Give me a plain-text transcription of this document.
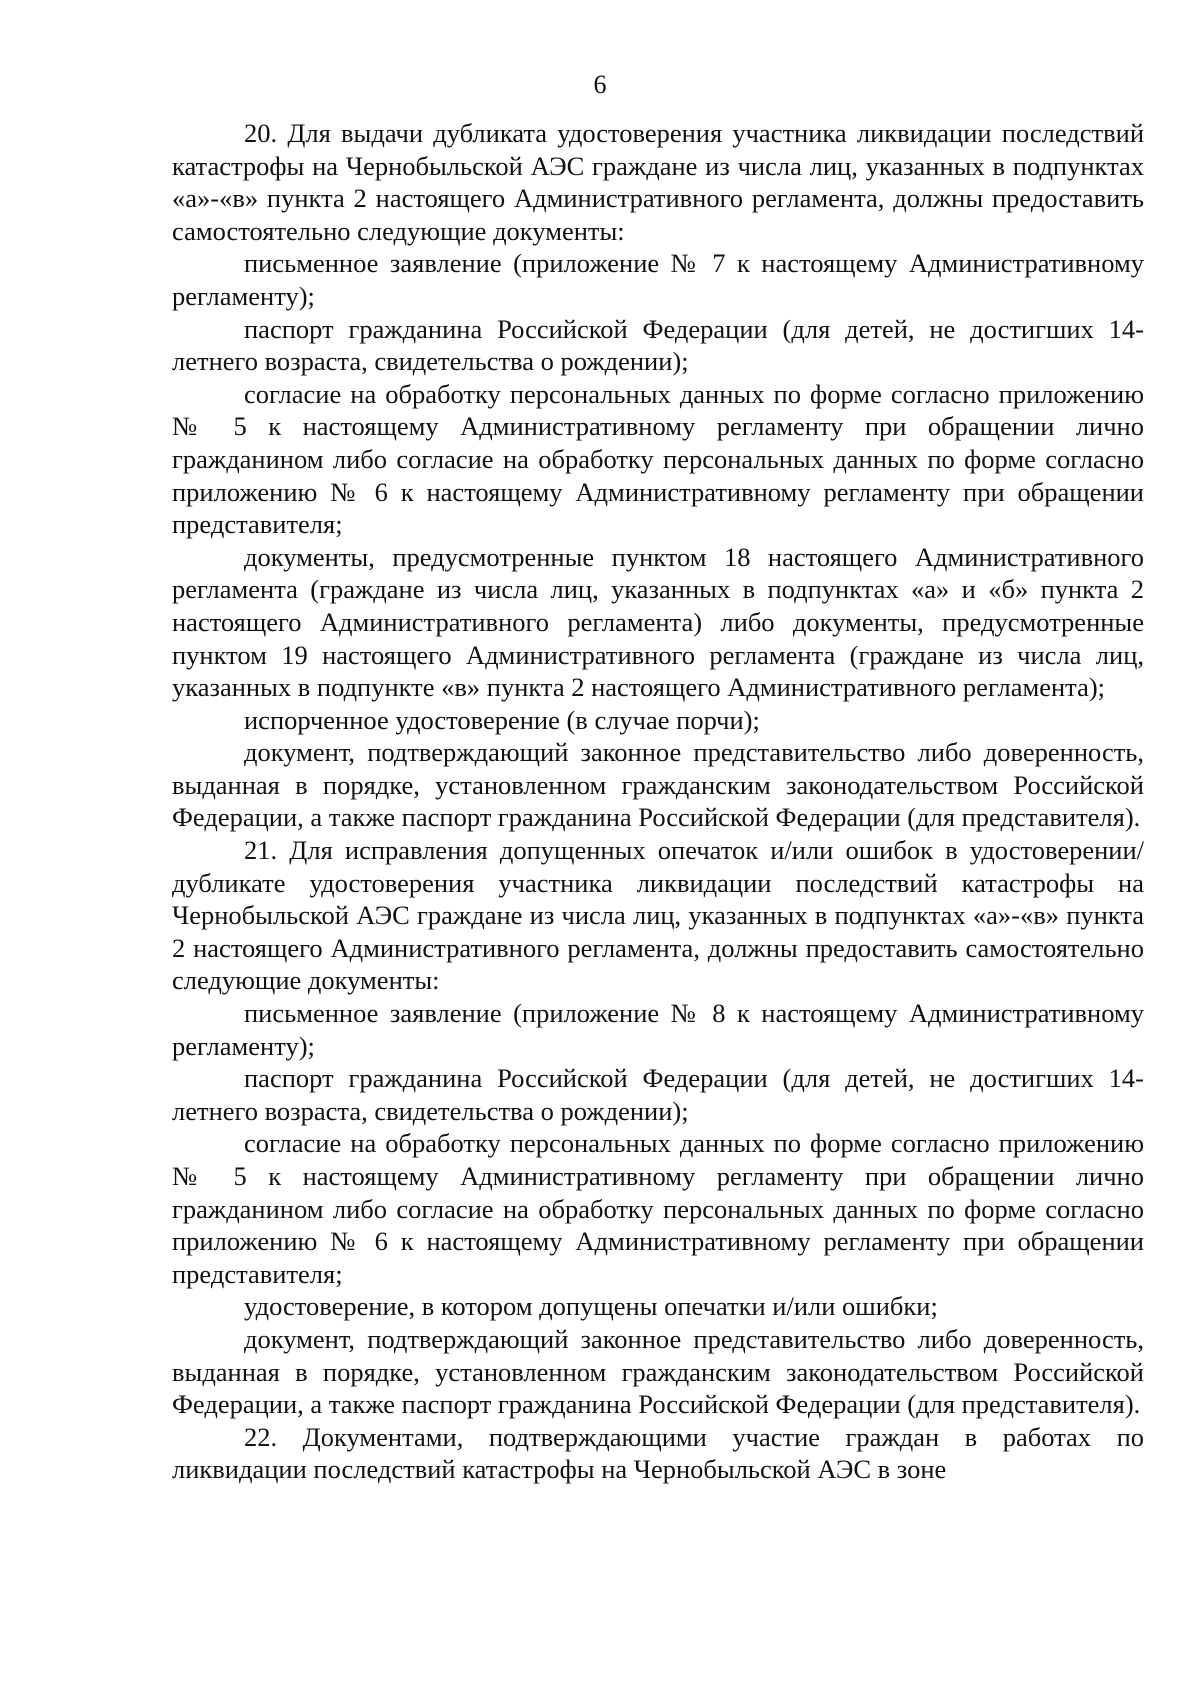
6

20. Для выдачи дубликата удостоверения участника ликвидации последствий катастрофы на Чернобыльской АЭС граждане из числа лиц, указанных в подпунктах «а»-«в» пункта 2 настоящего Административного регламента, должны предоставить самостоятельно следующие документы:

письменное заявление (приложение № 7 к настоящему Административному регламенту);

паспорт гражданина Российской Федерации (для детей, не достигших 14-летнего возраста, свидетельства о рождении);

согласие на обработку персональных данных по форме согласно приложению № 5 к настоящему Административному регламенту при обращении лично гражданином либо согласие на обработку персональных данных по форме согласно приложению № 6 к настоящему Административному регламенту при обращении представителя;

документы, предусмотренные пунктом 18 настоящего Административного регламента (граждане из числа лиц, указанных в подпунктах «а» и «б» пункта 2 настоящего Административного регламента) либо документы, предусмотренные пунктом 19 настоящего Административного регламента (граждане из числа лиц, указанных в подпункте «в» пункта 2 настоящего Административного регламента);

испорченное удостоверение (в случае порчи);

документ, подтверждающий законное представительство либо доверенность, выданная в порядке, установленном гражданским законодательством Российской Федерации, а также паспорт гражданина Российской Федерации (для представителя).

21. Для исправления допущенных опечаток и/или ошибок в удостоверении/дубликате удостоверения участника ликвидации последствий катастрофы на Чернобыльской АЭС граждане из числа лиц, указанных в подпунктах «а»-«в» пункта 2 настоящего Административного регламента, должны предоставить самостоятельно следующие документы:

письменное заявление (приложение № 8 к настоящему Административному регламенту);

паспорт гражданина Российской Федерации (для детей, не достигших 14-летнего возраста, свидетельства о рождении);

согласие на обработку персональных данных по форме согласно приложению № 5 к настоящему Административному регламенту при обращении лично гражданином либо согласие на обработку персональных данных по форме согласно приложению № 6 к настоящему Административному регламенту при обращении представителя;

удостоверение, в котором допущены опечатки и/или ошибки;

документ, подтверждающий законное представительство либо доверенность, выданная в порядке, установленном гражданским законодательством Российской Федерации, а также паспорт гражданина Российской Федерации (для представителя).

22. Документами, подтверждающими участие граждан в работах по ликвидации последствий катастрофы на Чернобыльской АЭС в зоне
